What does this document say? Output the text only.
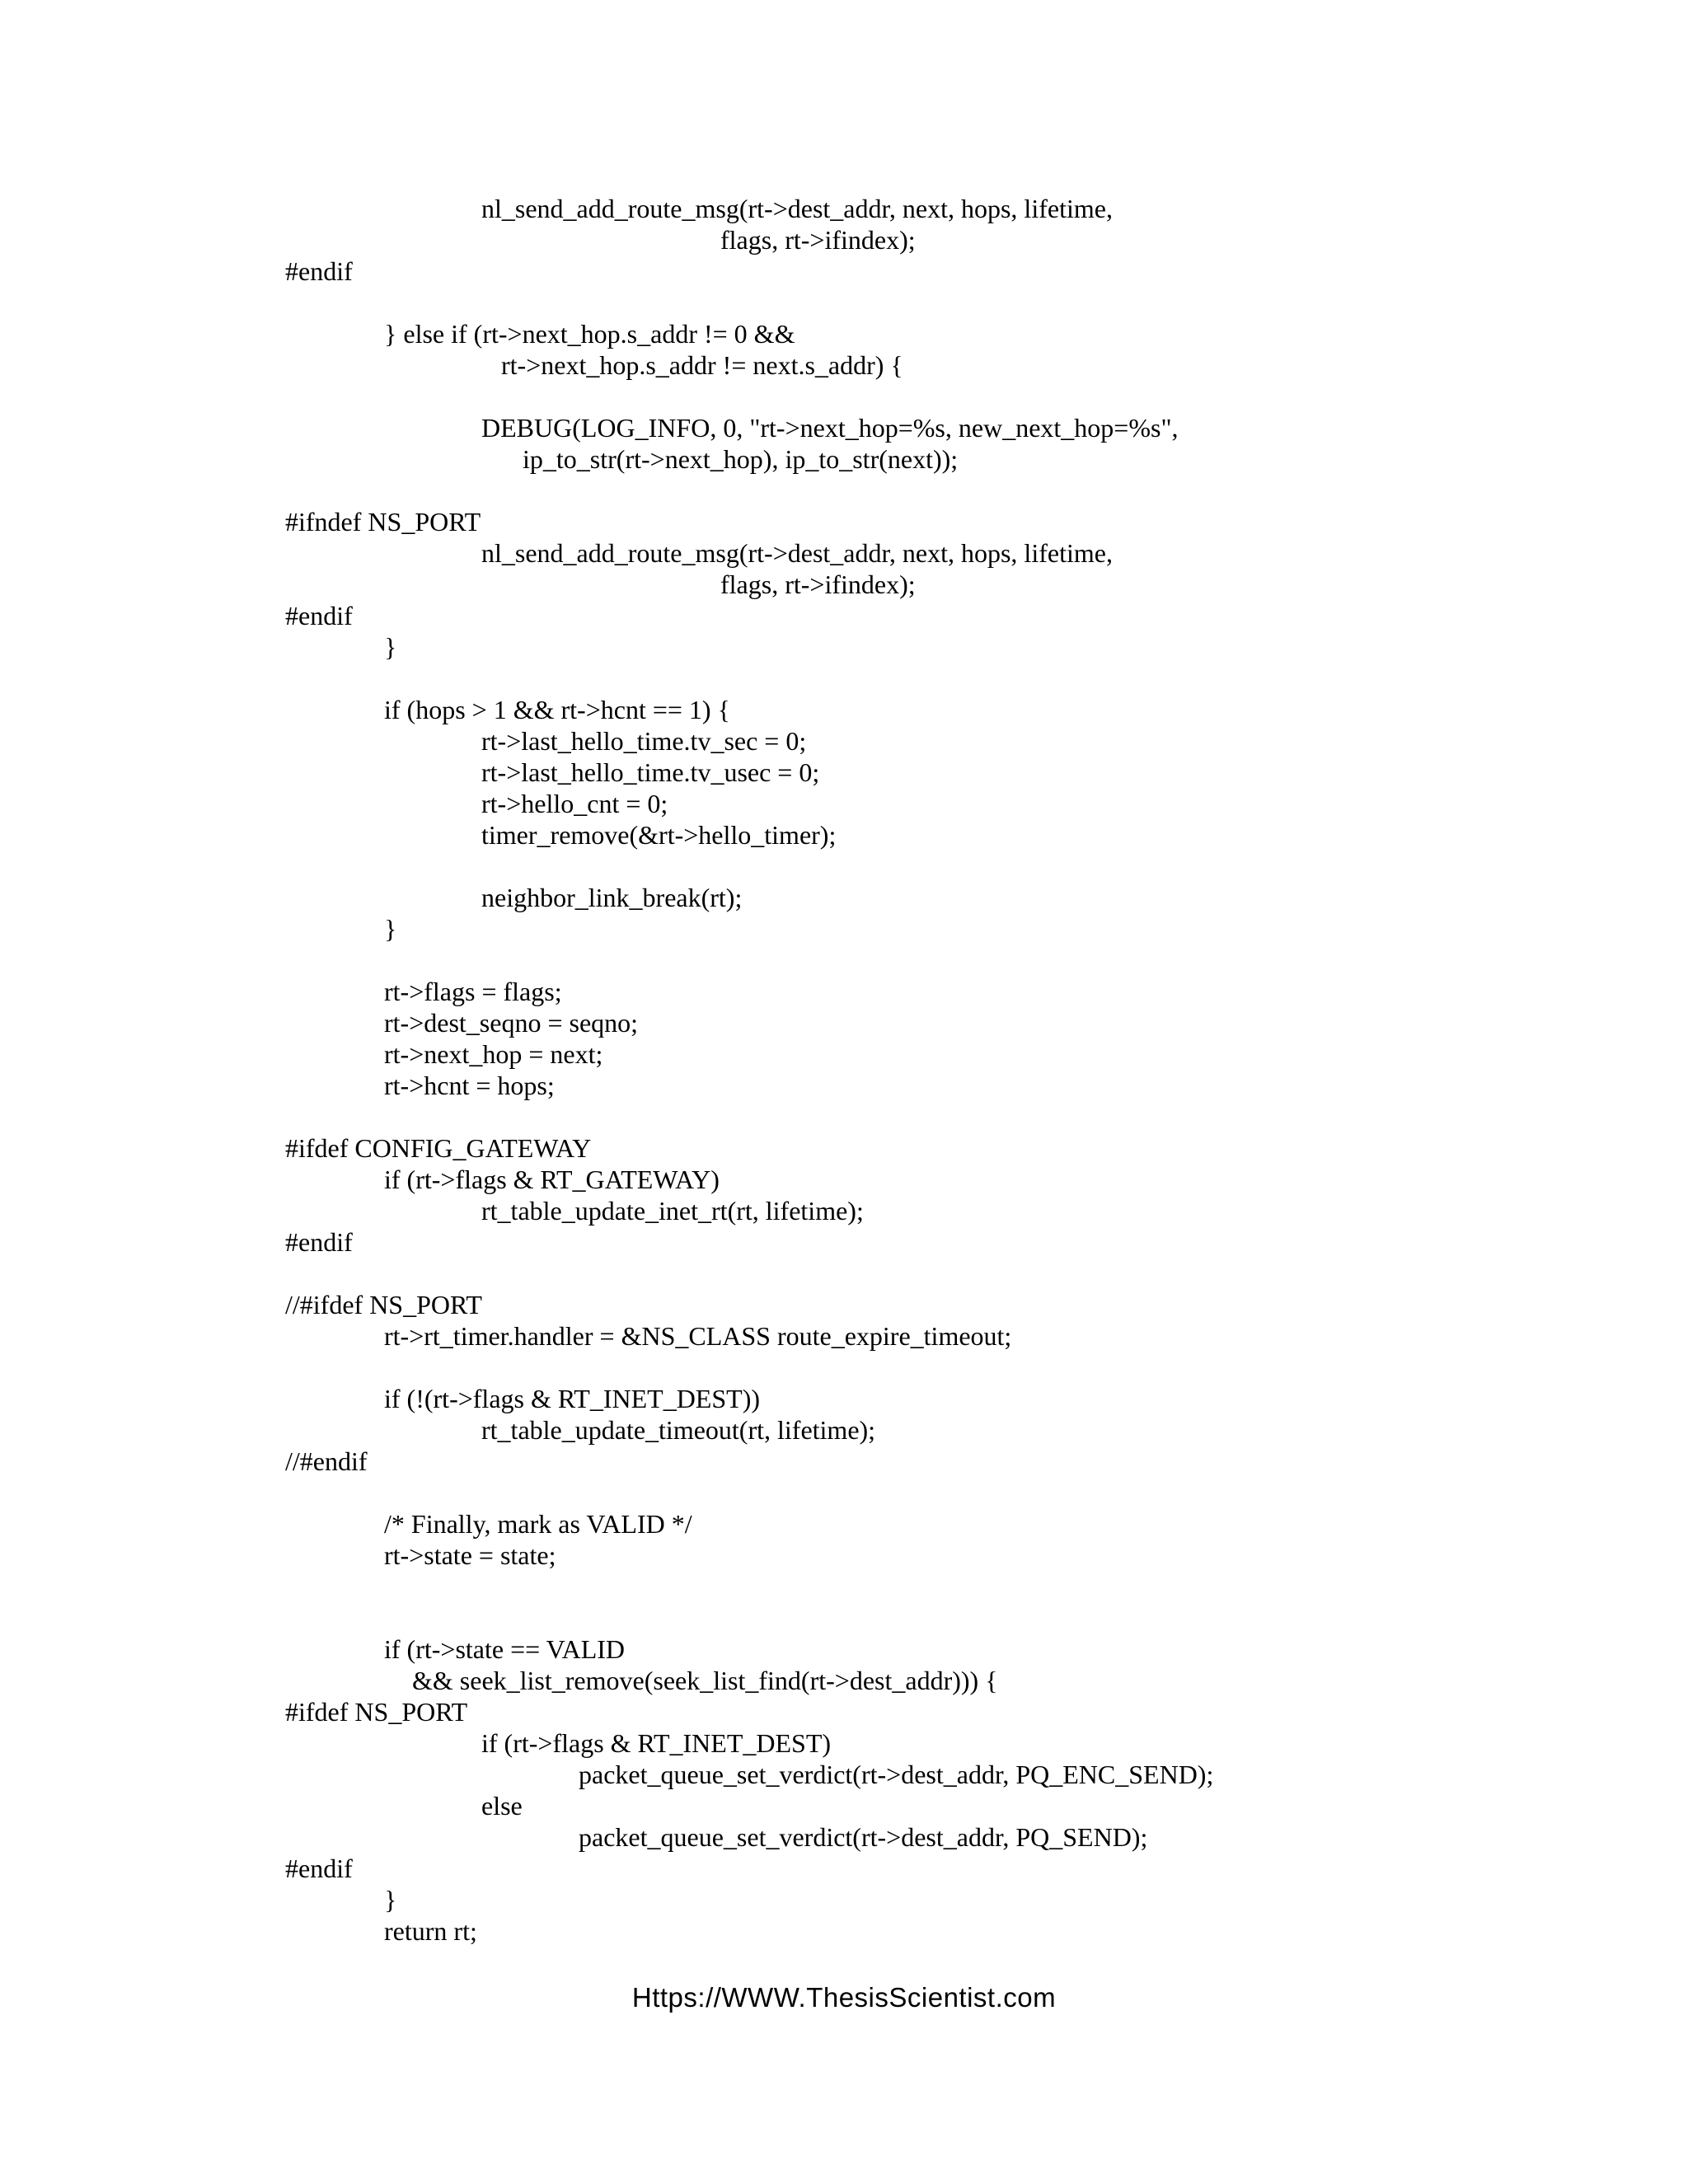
nl_send_add_route_msg(rt->dest_addr, next, hops, lifetime,
flags, rt->ifindex);
#endif
} else if (rt->next_hop.s_addr != 0 &&
rt->next_hop.s_addr != next.s_addr) {
DEBUG(LOG_INFO, 0, "rt->next_hop=%s, new_next_hop=%s",
ip_to_str(rt->next_hop), ip_to_str(next));
#ifndef NS_PORT
nl_send_add_route_msg(rt->dest_addr, next, hops, lifetime,
flags, rt->ifindex);
#endif
}
if (hops > 1 && rt->hcnt == 1) {
rt->last_hello_time.tv_sec = 0;
rt->last_hello_time.tv_usec = 0;
rt->hello_cnt = 0;
timer_remove(&rt->hello_timer);
neighbor_link_break(rt);
}
rt->flags = flags;
rt->dest_seqno = seqno;
rt->next_hop = next;
rt->hcnt = hops;
#ifdef CONFIG_GATEWAY
if (rt->flags & RT_GATEWAY)
rt_table_update_inet_rt(rt, lifetime);
#endif
//#ifdef NS_PORT
rt->rt_timer.handler = &NS_CLASS route_expire_timeout;
if (!(rt->flags & RT_INET_DEST))
rt_table_update_timeout(rt, lifetime);
//#endif
/* Finally, mark as VALID */
rt->state = state;
if (rt->state == VALID
&& seek_list_remove(seek_list_find(rt->dest_addr))) {
#ifdef NS_PORT
if (rt->flags & RT_INET_DEST)
packet_queue_set_verdict(rt->dest_addr, PQ_ENC_SEND);
else
packet_queue_set_verdict(rt->dest_addr, PQ_SEND);
#endif
}
return rt;
Https://WWW.ThesisScientist.com
